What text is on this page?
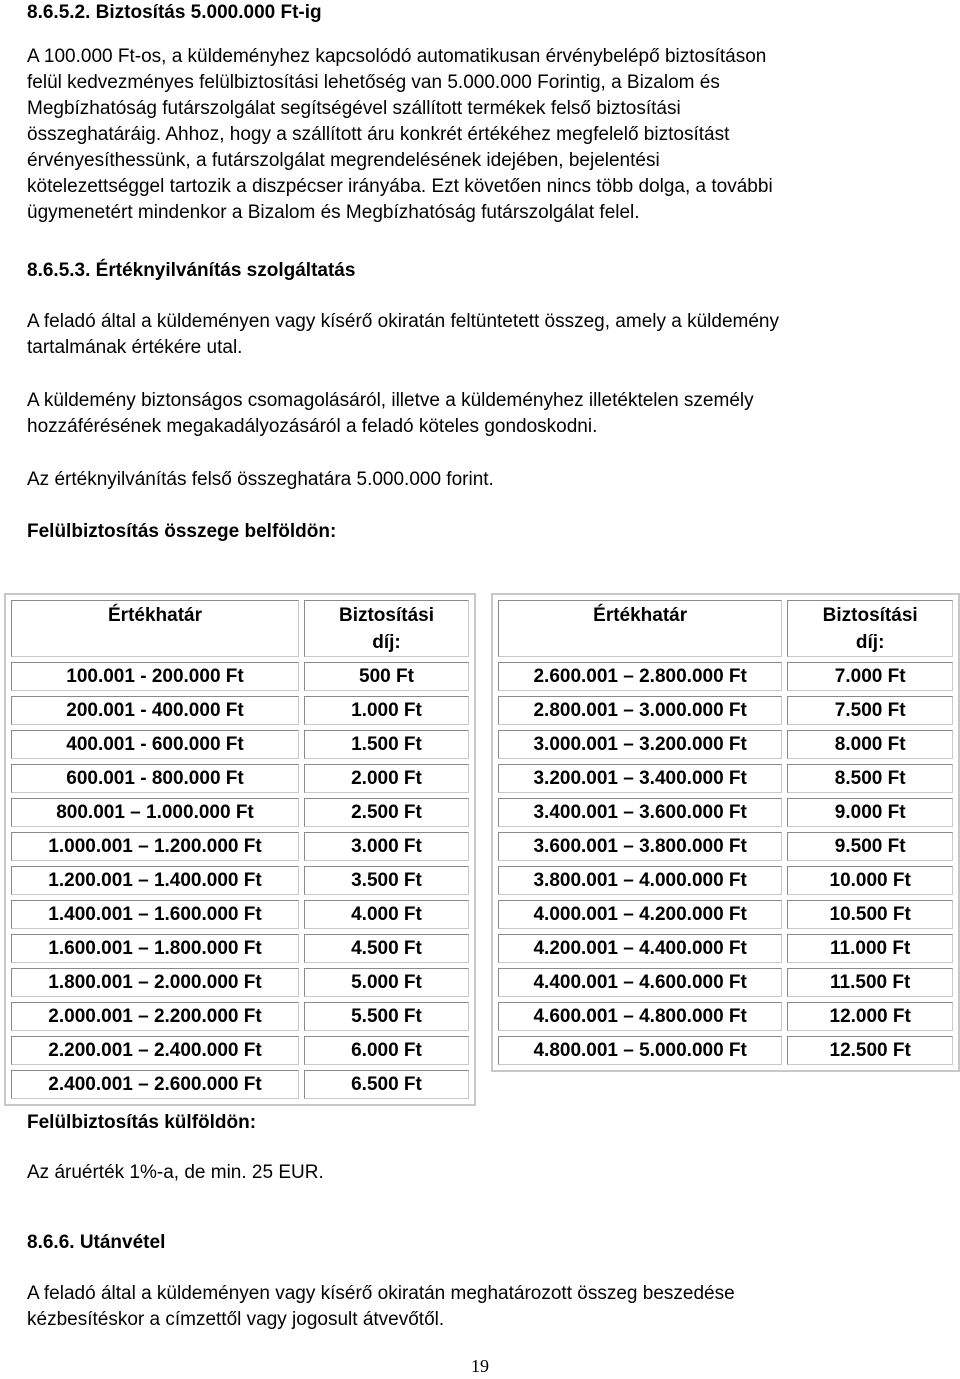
8.6.5.2. Biztosítás 5.000.000 Ft-ig

A 100.000 Ft-os, a küldeményhez kapcsolódó automatikusan érvénybelépő biztosításon

felül kedvezményes felülbiztosítási lehetőség van 5.000.000 Forintig, a Bizalom és

Megbízhatóság futárszolgálat segítségével szállított termékek felső biztosítási

összeghatáráig. Ahhoz, hogy a szállított áru konkrét értékéhez megfelelő biztosítást

érvényesíthessünk, a futárszolgálat megrendelésének idejében, bejelentési

kötelezettséggel tartozik a diszpécser irányába. Ezt követően nincs több dolga, a további

ügymenetért mindenkor a Bizalom és Megbízhatóság futárszolgálat felel.

8.6.5.3. Értéknyilvánítás szolgáltatás

A feladó által a küldeményen vagy kísérő okiratán feltüntetett összeg, amely a küldemény

tartalmának értékére utal.

A küldemény biztonságos csomagolásáról, illetve a küldeményhez illetéktelen személy

hozzáférésének megakadályozásáról a feladó köteles gondoskodni.

Az értéknyilvánítás felső összeghatára 5.000.000 forint.

Felülbiztosítás összege belföldön:

Értékhatár	Biztosítási
díj:
100.001 - 200.000 Ft	500 Ft
200.001 - 400.000 Ft	1.000 Ft
400.001 - 600.000 Ft	1.500 Ft
600.001 - 800.000 Ft	2.000 Ft
800.001 – 1.000.000 Ft	2.500 Ft
1.000.001 – 1.200.000 Ft	3.000 Ft
1.200.001 – 1.400.000 Ft	3.500 Ft
1.400.001 – 1.600.000 Ft	4.000 Ft
1.600.001 – 1.800.000 Ft	4.500 Ft
1.800.001 – 2.000.000 Ft	5.000 Ft
2.000.001 – 2.200.000 Ft	5.500 Ft
2.200.001 – 2.400.000 Ft	6.000 Ft
2.400.001 – 2.600.000 Ft	6.500 Ft
Értékhatár	Biztosítási
díj:
2.600.001 – 2.800.000 Ft	7.000 Ft
2.800.001 – 3.000.000 Ft	7.500 Ft
3.000.001 – 3.200.000 Ft	8.000 Ft
3.200.001 – 3.400.000 Ft	8.500 Ft
3.400.001 – 3.600.000 Ft	9.000 Ft
3.600.001 – 3.800.000 Ft	9.500 Ft
3.800.001 – 4.000.000 Ft	10.000 Ft
4.000.001 – 4.200.000 Ft	10.500 Ft
4.200.001 – 4.400.000 Ft	11.000 Ft
4.400.001 – 4.600.000 Ft	11.500 Ft
4.600.001 – 4.800.000 Ft	12.000 Ft
4.800.001 – 5.000.000 Ft	12.500 Ft

Felülbiztosítás külföldön:

Az áruérték 1%-a, de min. 25 EUR.

8.6.6. Utánvétel

A feladó által a küldeményen vagy kísérő okiratán meghatározott összeg beszedése

kézbesítéskor a címzettől vagy jogosult átvevőtől.

19
